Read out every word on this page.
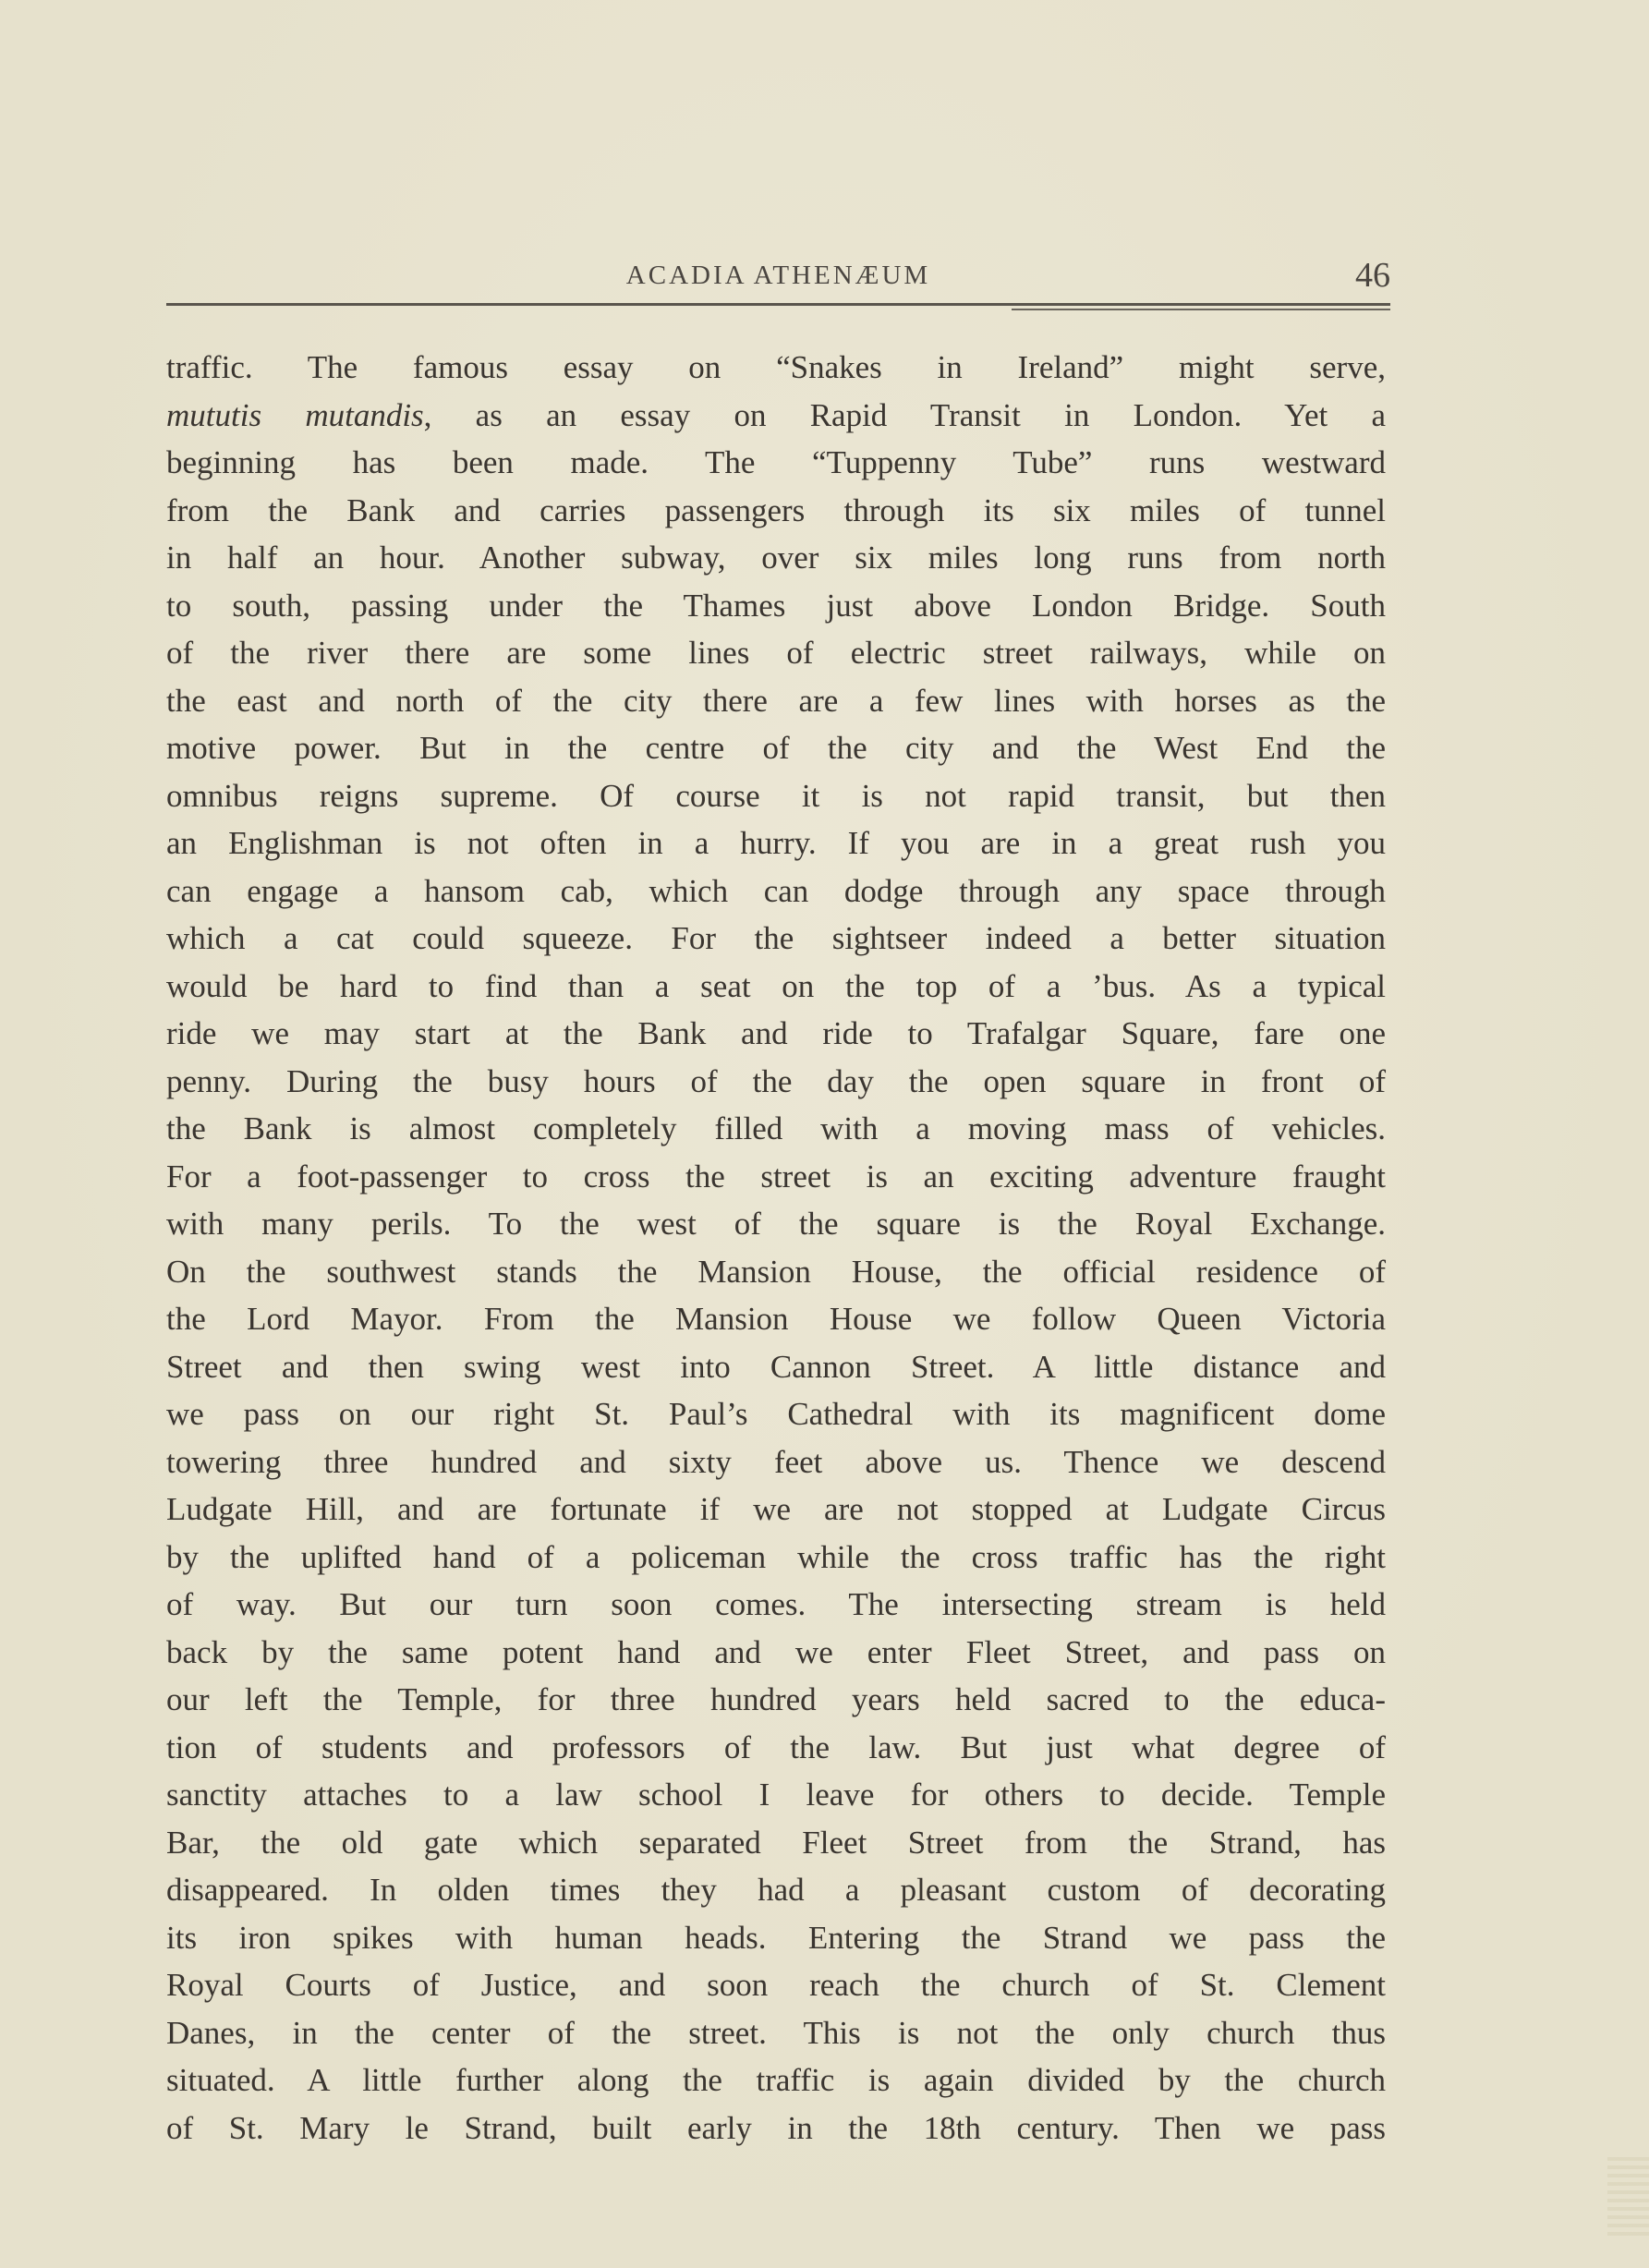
ACADIA ATHENÆUM	46
traffic. The famous essay on “Snakes in Ireland” might serve,
mututis mutandis, as an essay on Rapid Transit in London. Yet a
beginning has been made. The “Tuppenny Tube” runs westward
from the Bank and carries passengers through its six miles of tunnel
in half an hour. Another subway, over six miles long runs from north
to south, passing under the Thames just above London Bridge. South
of the river there are some lines of electric street railways, while on
the east and north of the city there are a few lines with horses as the
motive power. But in the centre of the city and the West End the
omnibus reigns supreme. Of course it is not rapid transit, but then
an Englishman is not often in a hurry. If you are in a great rush you
can engage a hansom cab, which can dodge through any space through
which a cat could squeeze. For the sightseer indeed a better situation
would be hard to find than a seat on the top of a ’bus. As a typical
ride we may start at the Bank and ride to Trafalgar Square, fare one
penny. During the busy hours of the day the open square in front of
the Bank is almost completely filled with a moving mass of vehicles.
For a foot-passenger to cross the street is an exciting adventure fraught
with many perils. To the west of the square is the Royal Exchange.
On the southwest stands the Mansion House, the official residence of
the Lord Mayor. From the Mansion House we follow Queen Victoria
Street and then swing west into Cannon Street. A little distance and
we pass on our right St. Paul’s Cathedral with its magnificent dome
towering three hundred and sixty feet above us. Thence we descend
Ludgate Hill, and are fortunate if we are not stopped at Ludgate Circus
by the uplifted hand of a policeman while the cross traffic has the right
of way. But our turn soon comes. The intersecting stream is held
back by the same potent hand and we enter Fleet Street, and pass on
our left the Temple, for three hundred years held sacred to the educa-
tion of students and professors of the law. But just what degree of
sanctity attaches to a law school I leave for others to decide. Temple
Bar, the old gate which separated Fleet Street from the Strand, has
disappeared. In olden times they had a pleasant custom of decorating
its iron spikes with human heads. Entering the Strand we pass the
Royal Courts of Justice, and soon reach the church of St. Clement
Danes, in the center of the street. This is not the only church thus
situated. A little further along the traffic is again divided by the church
of St. Mary le Strand, built early in the 18th century. Then we pass
